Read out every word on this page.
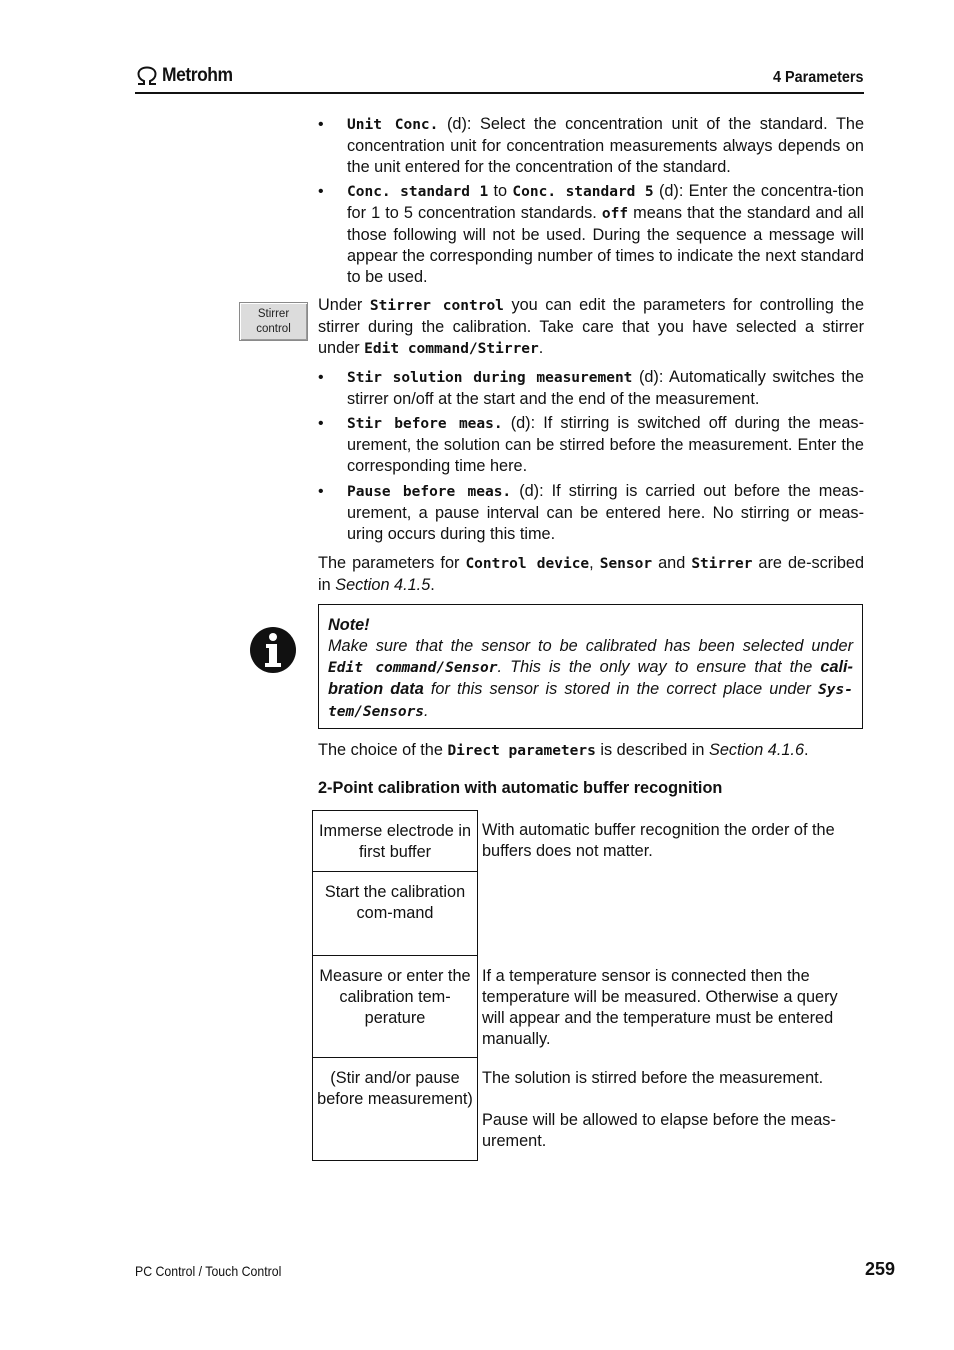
Metrohm	4 Parameters
• Unit Conc. (d): Select the concentration unit of the standard. The concentration unit for concentration measurements always depends on the unit entered for the concentration of the standard.
• Conc. standard 1 to Conc. standard 5 (d): Enter the concentra-tion for 1 to 5 concentration standards. off means that the standard and all those following will not be used. During the sequence a message will appear the corresponding number of times to indicate the next standard to be used.
Stirrer
control
Under Stirrer control you can edit the parameters for controlling the stirrer during the calibration. Take care that you have selected a stirrer under Edit command/Stirrer.
• Stir solution during measurement (d): Automatically switches the stirrer on/off at the start and the end of the measurement.
• Stir before meas. (d): If stirring is switched off during the meas-urement, the solution can be stirred before the measurement. Enter the corresponding time here.
• Pause before meas. (d): If stirring is carried out before the meas-urement, a pause interval can be entered here. No stirring or meas-uring occurs during this time.
The parameters for Control device, Sensor and Stirrer are de-scribed in Section 4.1.5.
Note!
Make sure that the sensor to be calibrated has been selected under Edit command/Sensor. This is the only way to ensure that the cali-bration data for this sensor is stored in the correct place under Sys-tem/Sensors.
The choice of the Direct parameters is described in Section 4.1.6.
2-Point calibration with automatic buffer recognition
Immerse electrode in first buffer
With automatic buffer recognition the order of the buffers does not matter.
Start the calibration com-mand
Measure or enter the calibration tem-perature
If a temperature sensor is connected then the temperature will be measured. Otherwise a query will appear and the temperature must be entered manually.
(Stir and/or pause before measurement)
The solution is stirred before the measurement.
Pause will be allowed to elapse before the meas-urement.
PC Control / Touch Control	259
